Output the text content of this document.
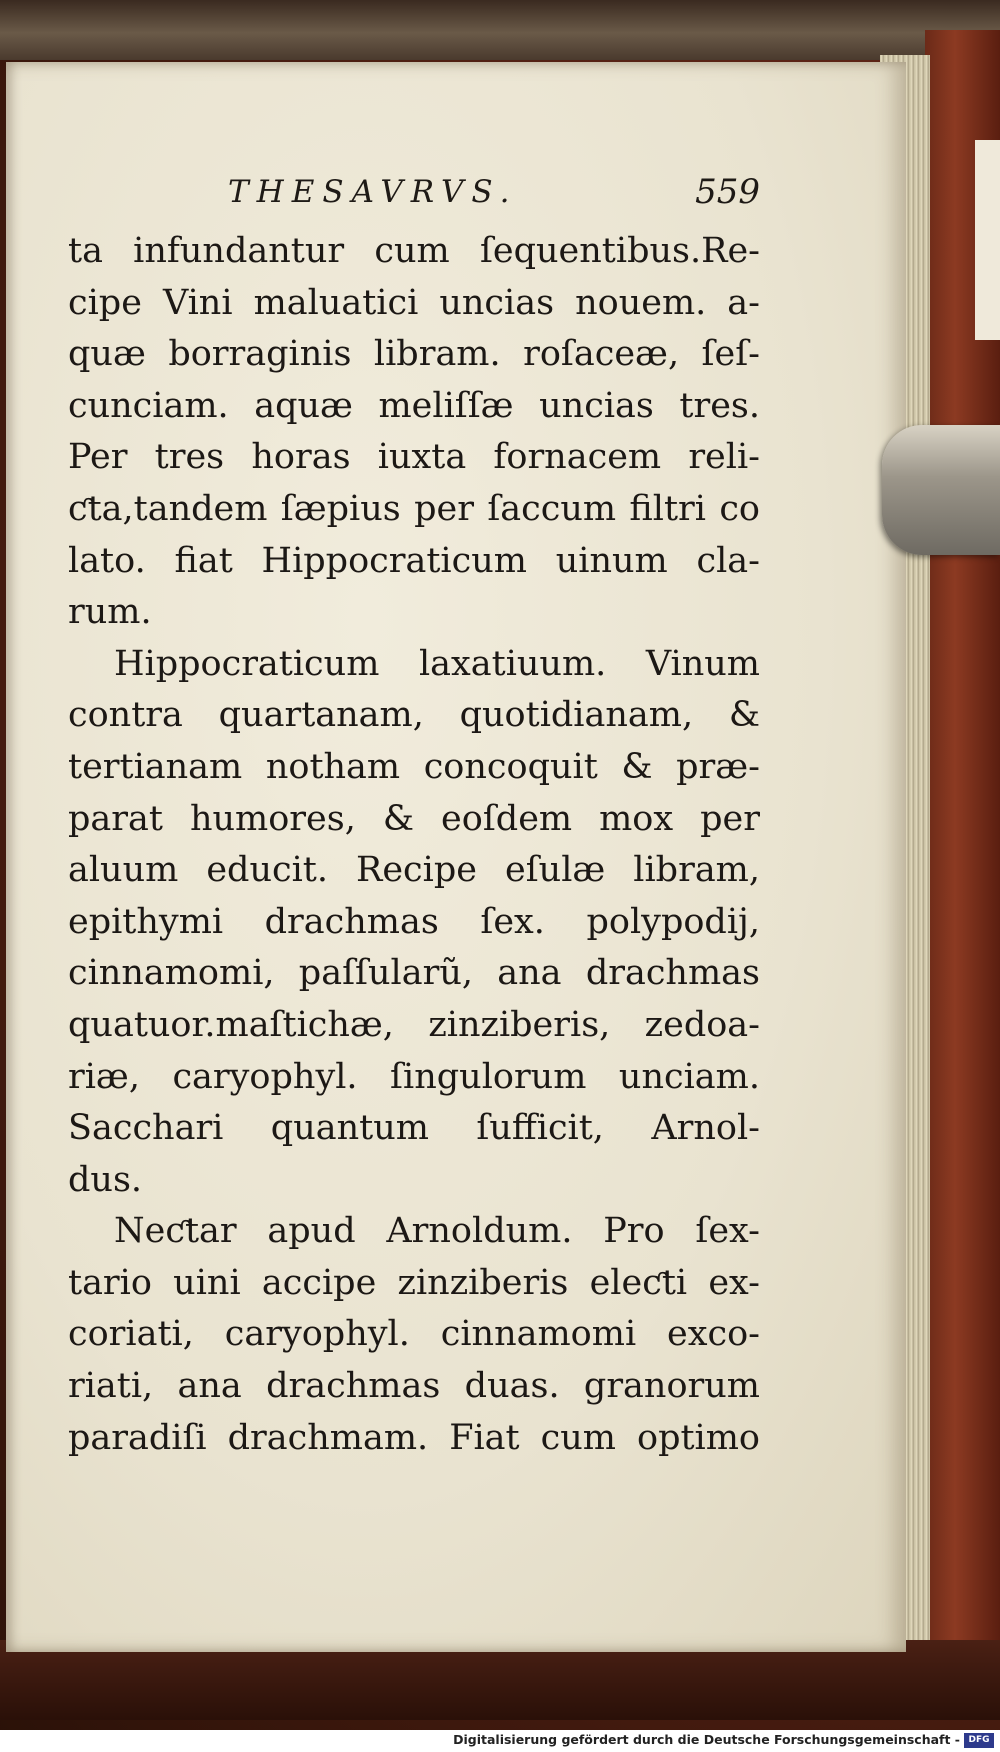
THESAVRVS.	559
ta infundantur cum ſequentibus.Re-
cipe Vini maluatici uncias nouem. a-
quæ borraginis libram. roſaceæ, ſeſ-
cunciam. aquæ meliſſæ uncias tres.
Per tres horas iuxta fornacem reli-
ƈta,tandem ſæpius per ſaccum filtri co
lato. fiat Hippocraticum uinum cla-
rum.
Hippocraticum laxatiuum. Vinum
contra quartanam, quotidianam, &
tertianam notham concoquit & præ-
parat humores, & eoſdem mox per
aluum educit. Recipe eſulæ libram,
epithymi drachmas ſex. polypodij,
cinnamomi, paſſularũ, ana drachmas
quatuor.maſtichæ, zinziberis, zedoa-
riæ, caryophyl. ſingulorum unciam.
Sacchari quantum ſufficit, Arnol-
dus.
Neƈtar apud Arnoldum. Pro ſex-
tario uini accipe zinziberis eleƈti ex-
coriati, caryophyl. cinnamomi exco-
riati, ana drachmas duas. granorum
paradiſi drachmam. Fiat cum optimo
Digitalisierung gefördert durch die Deutsche Forschungsgemeinschaft - DFG
